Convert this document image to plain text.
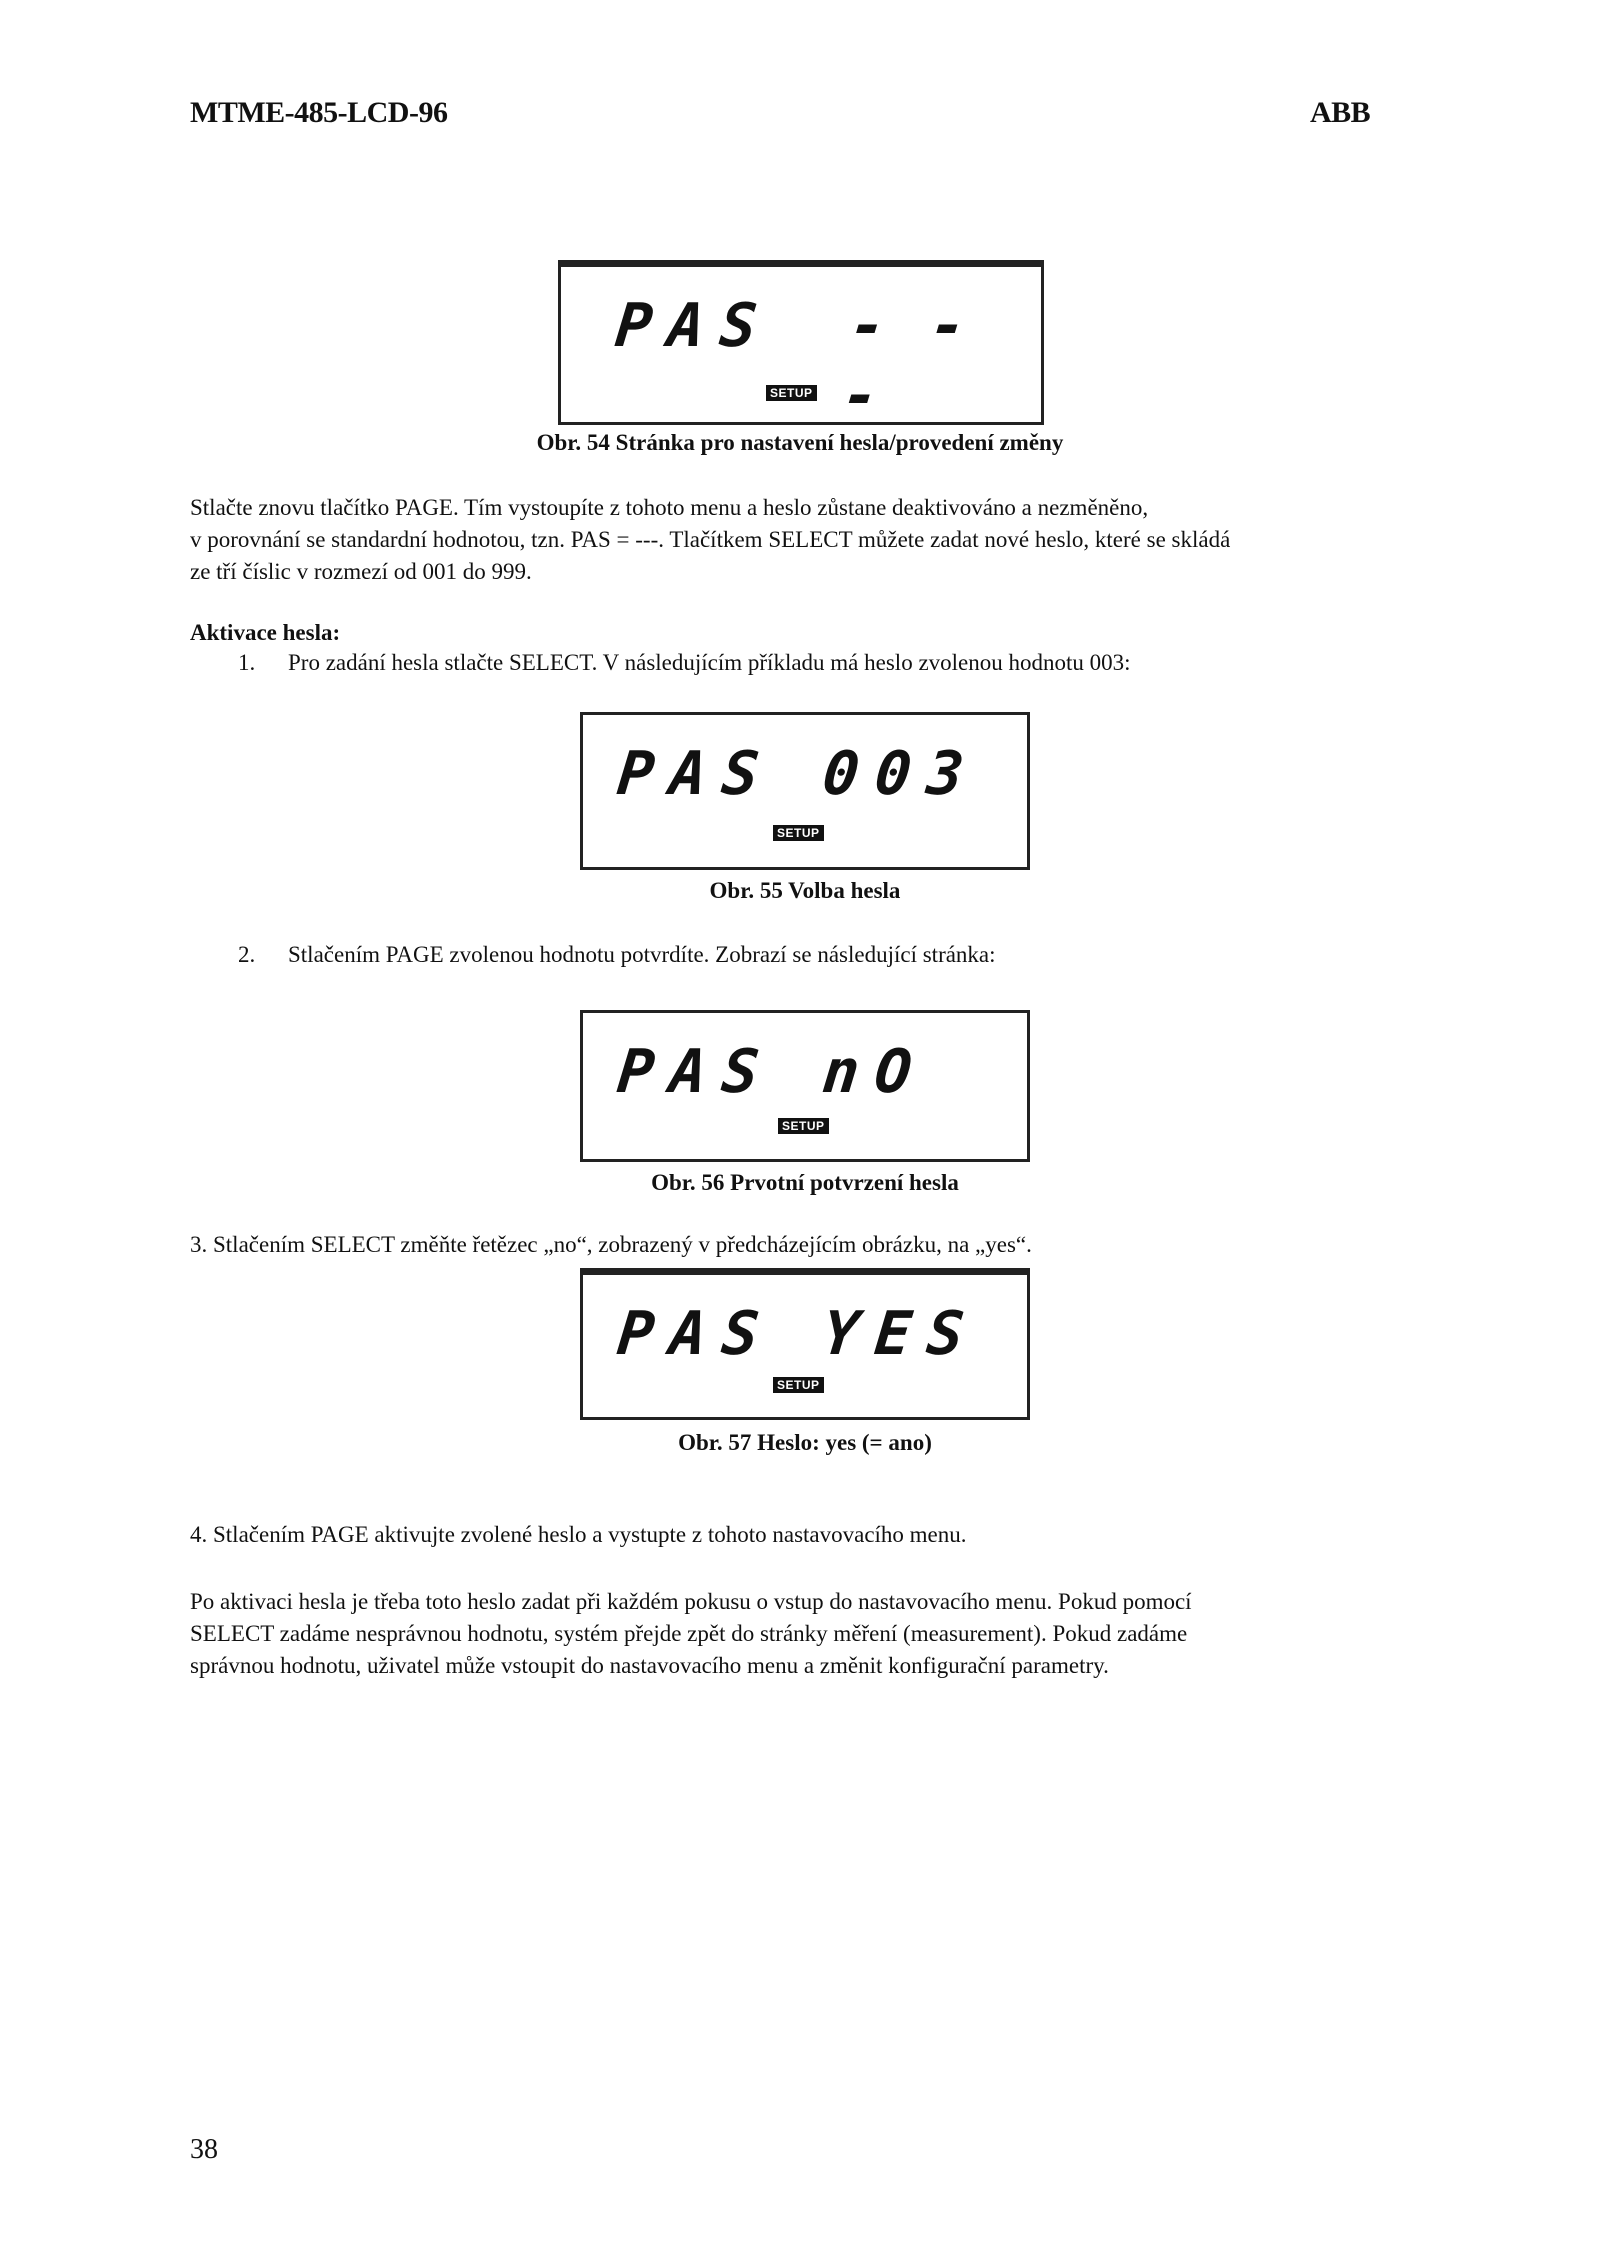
MTME-485-LCD-96	ABB
PAS - - -
SETUP
Obr. 54 Stránka pro nastavení hesla/provedení změny

Stlačte znovu tlačítko PAGE. Tím vystoupíte z tohoto menu a heslo zůstane deaktivováno a nezměněno,

v porovnání se standardní hodnotou, tzn. PAS = ---. Tlačítkem SELECT můžete zadat nové heslo, které se skládá

ze tří číslic v rozmezí od 001 do 999.

Aktivace hesla:
1. Pro zadání hesla stlačte SELECT. V následujícím příkladu má heslo zvolenou hodnotu 003:
PAS 003
SETUP
Obr. 55 Volba hesla
2. Stlačením PAGE zvolenou hodnotu potvrdíte. Zobrazí se následující stránka:
PAS nO
SETUP
Obr. 56 Prvotní potvrzení hesla
3. Stlačením SELECT změňte řetězec „no“, zobrazený v předcházejícím obrázku, na „yes“.
PAS YES
SETUP
Obr. 57 Heslo: yes (= ano)
4. Stlačením PAGE aktivujte zvolené heslo a vystupte z tohoto nastavovacího menu.

Po aktivaci hesla je třeba toto heslo zadat při každém pokusu o vstup do nastavovacího menu. Pokud pomocí

SELECT zadáme nesprávnou hodnotu, systém přejde zpět do stránky měření (measurement). Pokud zadáme

správnou hodnotu, uživatel může vstoupit do nastavovacího menu a změnit konfigurační parametry.

38
